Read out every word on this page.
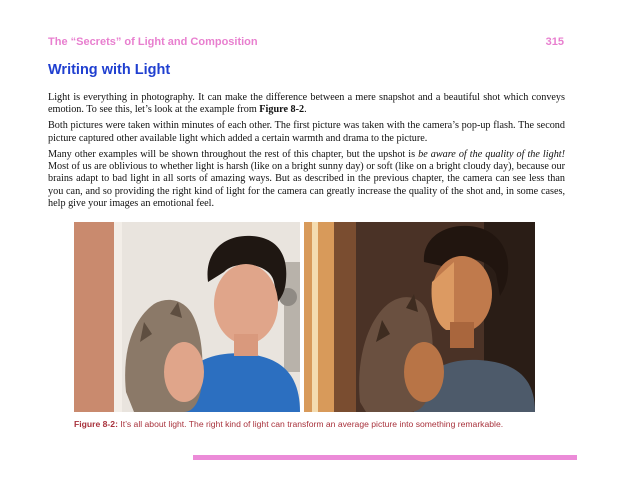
The “Secrets” of Light and Composition	315
Writing with Light

Light is everything in photography. It can make the difference between a mere snapshot and a beautiful shot which conveys emotion. To see this, let’s look at the example from Figure 8-2.

Both pictures were taken within minutes of each other. The first picture was taken with the camera’s pop-up flash. The second picture captured other available light which added a certain warmth and drama to the picture.

Many other examples will be shown throughout the rest of this chapter, but the upshot is be aware of the quality of the light! Most of us are oblivious to whether light is harsh (like on a bright sunny day) or soft (like on a bright cloudy day), because our brains adapt to bad light in all sorts of amazing ways. But as described in the previous chapter, the camera can see less than you can, and so providing the right kind of light for the camera can greatly increase the quality of the shot and, in some cases, help give your images an emotional feel.

Figure 8-2: It’s all about light. The right kind of light can transform an average picture into something remarkable.
